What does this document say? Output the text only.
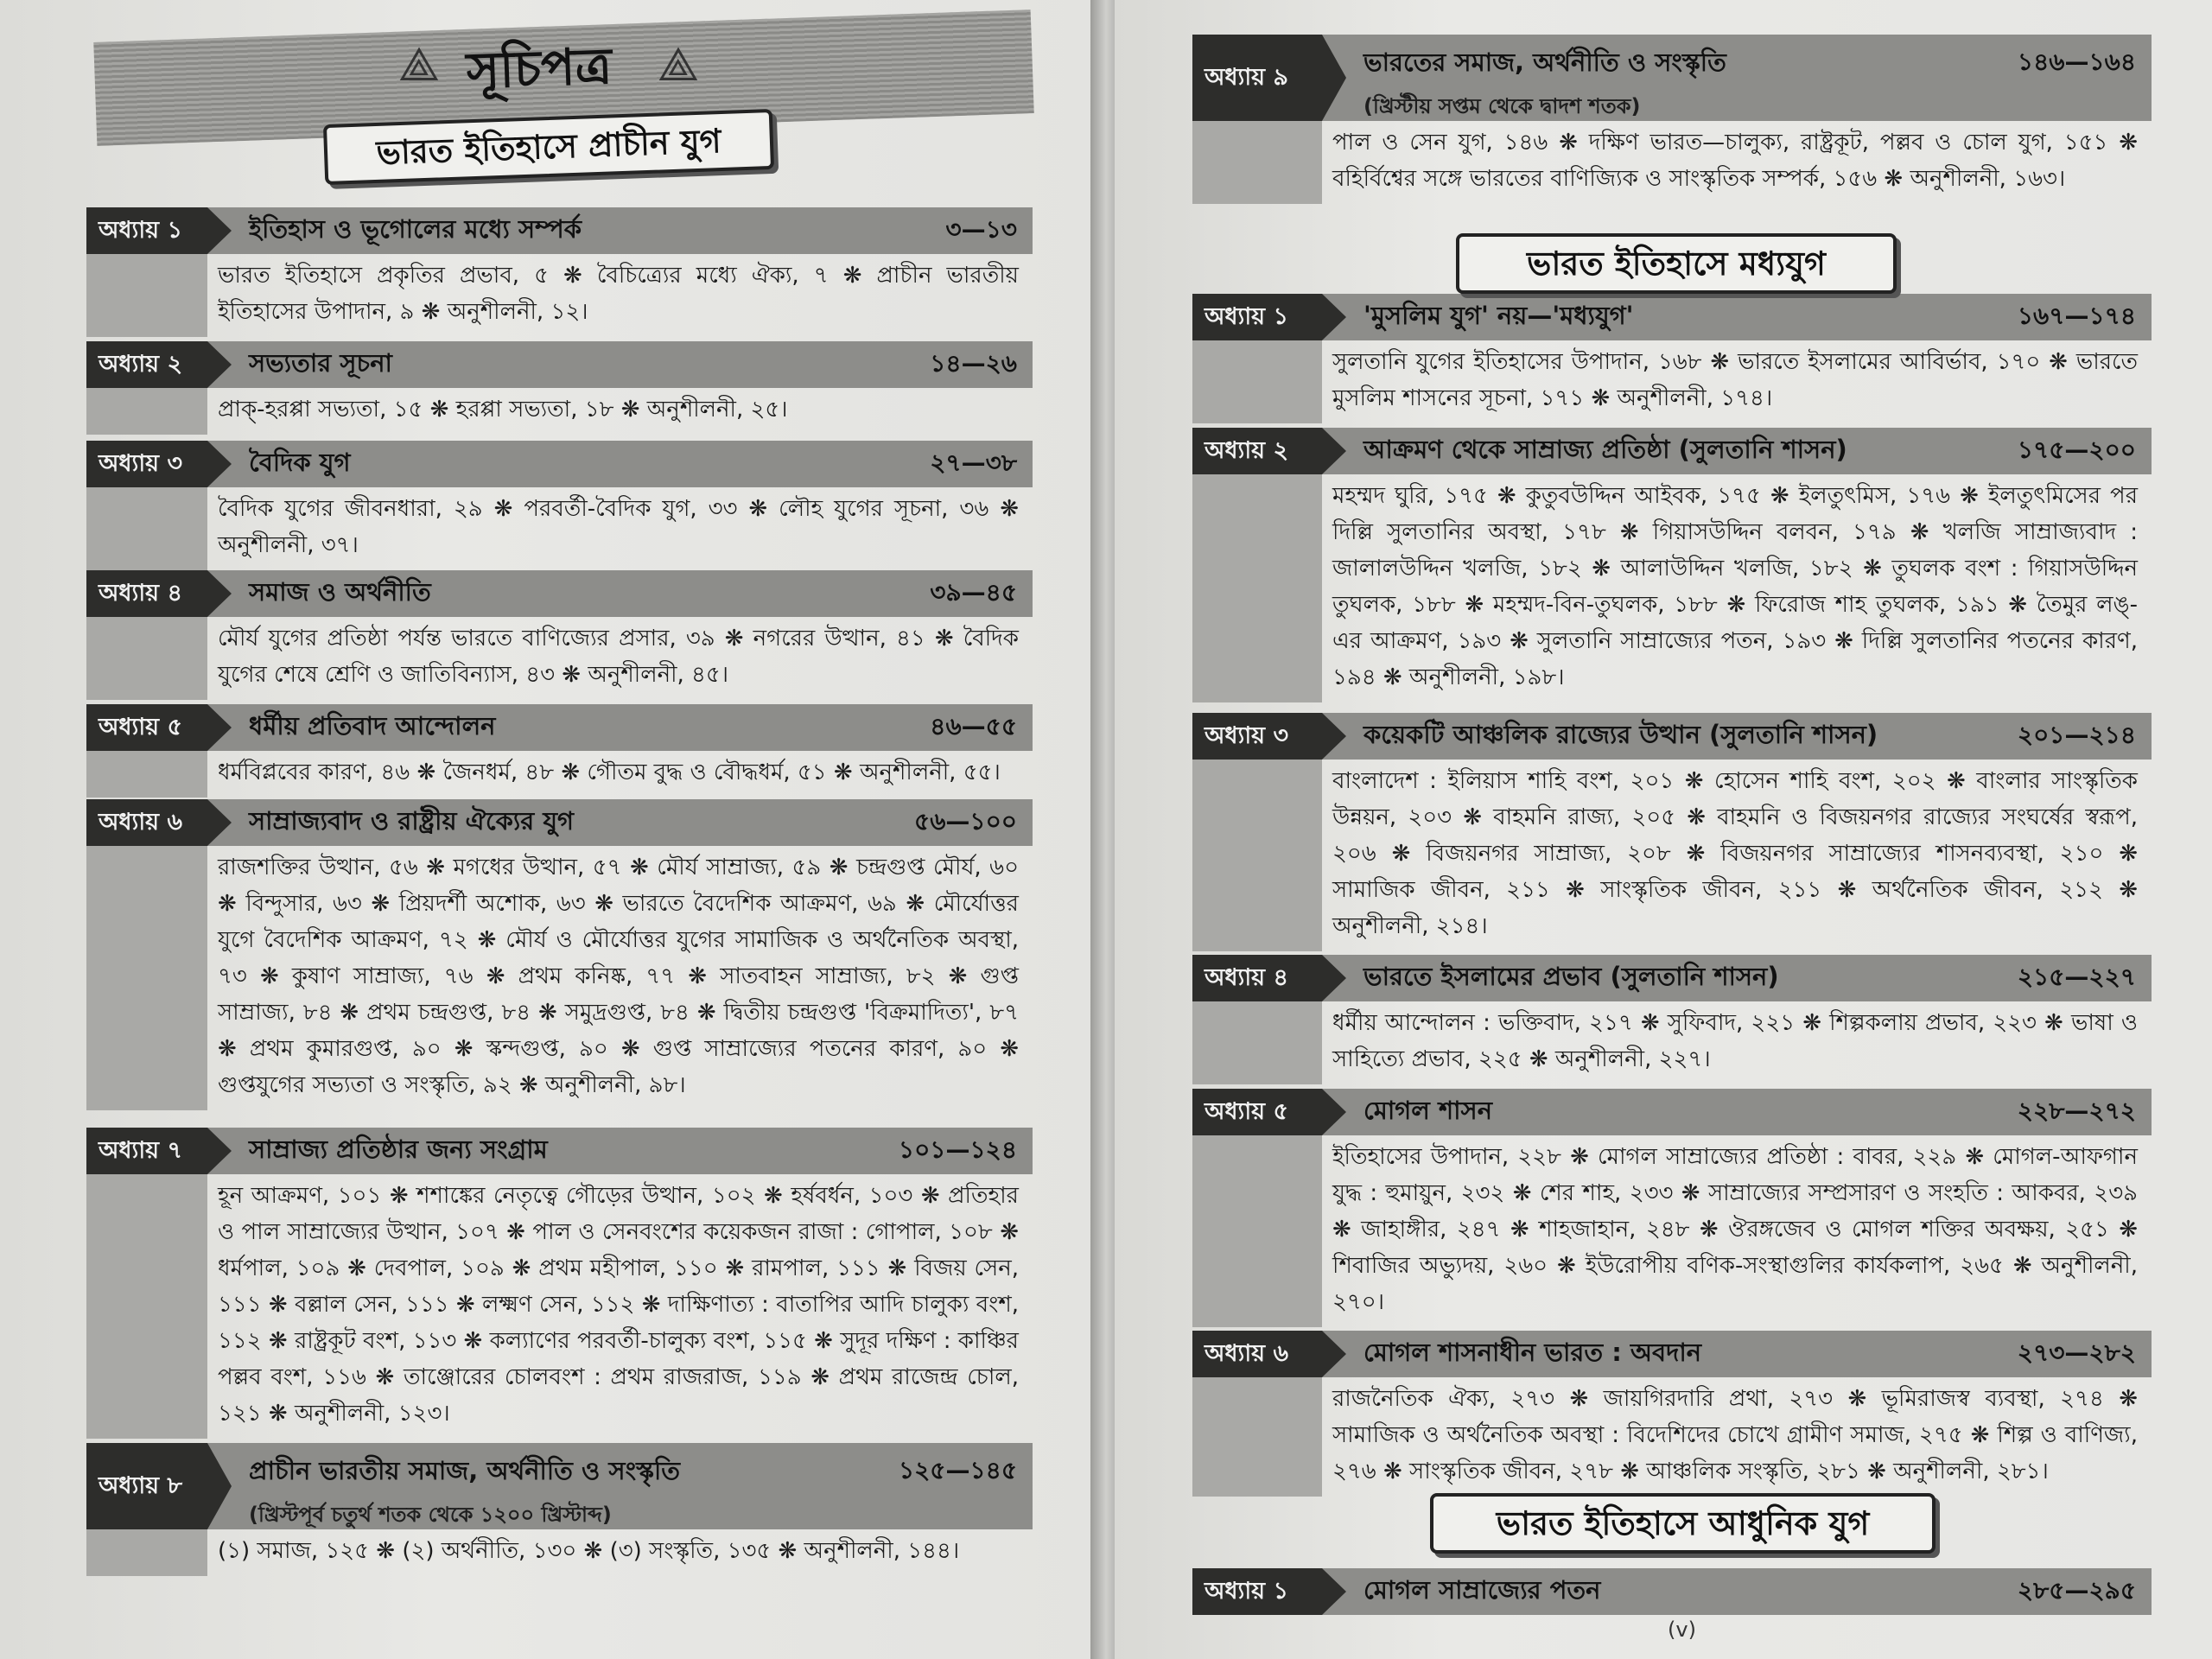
⟁	⟁
সূচিপত্র
ভারত ইতিহাসে প্রাচীন যুগ
অধ্যায় ১	ইতিহাস ও ভূগোলের মধ্যে সম্পর্ক	৩—১৩
ভারত ইতিহাসে প্রকৃতির প্রভাব, ৫ ❋ বৈচিত্র্যের মধ্যে ঐক্য, ৭ ❋ প্রাচীন ভারতীয় ইতিহাসের উপাদান, ৯ ❋ অনুশীলনী, ১২।
অধ্যায় ২	সভ্যতার সূচনা	১৪—২৬
প্রাক্-হরপ্পা সভ্যতা, ১৫ ❋ হরপ্পা সভ্যতা, ১৮ ❋ অনুশীলনী, ২৫।
অধ্যায় ৩	বৈদিক যুগ	২৭—৩৮
বৈদিক যুগের জীবনধারা, ২৯ ❋ পরবর্তী-বৈদিক যুগ, ৩৩ ❋ লৌহ যুগের সূচনা, ৩৬ ❋ অনুশীলনী, ৩৭।
অধ্যায় ৪	সমাজ ও অর্থনীতি	৩৯—৪৫
মৌর্য যুগের প্রতিষ্ঠা পর্যন্ত ভারতে বাণিজ্যের প্রসার, ৩৯ ❋ নগরের উত্থান, ৪১ ❋ বৈদিক যুগের শেষে শ্রেণি ও জাতিবিন্যাস, ৪৩ ❋ অনুশীলনী, ৪৫।
অধ্যায় ৫	ধর্মীয় প্রতিবাদ আন্দোলন	৪৬—৫৫
ধর্মবিপ্লবের কারণ, ৪৬ ❋ জৈনধর্ম, ৪৮ ❋ গৌতম বুদ্ধ ও বৌদ্ধধর্ম, ৫১ ❋ অনুশীলনী, ৫৫।
অধ্যায় ৬	সাম্রাজ্যবাদ ও রাষ্ট্রীয় ঐক্যের যুগ	৫৬—১০০
রাজশক্তির উত্থান, ৫৬ ❋ মগধের উত্থান, ৫৭ ❋ মৌর্য সাম্রাজ্য, ৫৯ ❋ চন্দ্রগুপ্ত মৌর্য, ৬০ ❋ বিন্দুসার, ৬৩ ❋ প্রিয়দর্শী অশোক, ৬৩ ❋ ভারতে বৈদেশিক আক্রমণ, ৬৯ ❋ মৌর্যোত্তর যুগে বৈদেশিক আক্রমণ, ৭২ ❋ মৌর্য ও মৌর্যোত্তর যুগের সামাজিক ও অর্থনৈতিক অবস্থা, ৭৩ ❋ কুষাণ সাম্রাজ্য, ৭৬ ❋ প্রথম কনিষ্ক, ৭৭ ❋ সাতবাহন সাম্রাজ্য, ৮২ ❋ গুপ্ত সাম্রাজ্য, ৮৪ ❋ প্রথম চন্দ্রগুপ্ত, ৮৪ ❋ সমুদ্রগুপ্ত, ৮৪ ❋ দ্বিতীয় চন্দ্রগুপ্ত 'বিক্রমাদিত্য', ৮৭ ❋ প্রথম কুমারগুপ্ত, ৯০ ❋ স্কন্দগুপ্ত, ৯০ ❋ গুপ্ত সাম্রাজ্যের পতনের কারণ, ৯০ ❋ গুপ্তযুগের সভ্যতা ও সংস্কৃতি, ৯২ ❋ অনুশীলনী, ৯৮।
অধ্যায় ৭	সাম্রাজ্য প্রতিষ্ঠার জন্য সংগ্রাম	১০১—১২৪
হূন আক্রমণ, ১০১ ❋ শশাঙ্কের নেতৃত্বে গৌড়ের উত্থান, ১০২ ❋ হর্ষবর্ধন, ১০৩ ❋ প্রতিহার ও পাল সাম্রাজ্যের উত্থান, ১০৭ ❋ পাল ও সেনবংশের কয়েকজন রাজা : গোপাল, ১০৮ ❋ ধর্মপাল, ১০৯ ❋ দেবপাল, ১০৯ ❋ প্রথম মহীপাল, ১১০ ❋ রামপাল, ১১১ ❋ বিজয় সেন, ১১১ ❋ বল্লাল সেন, ১১১ ❋ লক্ষ্মণ সেন, ১১২ ❋ দাক্ষিণাত্য : বাতাপির আদি চালুক্য বংশ, ১১২ ❋ রাষ্ট্রকূট বংশ, ১১৩ ❋ কল্যাণের পরবর্তী-চালুক্য বংশ, ১১৫ ❋ সুদূর দক্ষিণ : কাঞ্চির পল্লব বংশ, ১১৬ ❋ তাঞ্জোরের চোলবংশ : প্রথম রাজরাজ, ১১৯ ❋ প্রথম রাজেন্দ্র চোল, ১২১ ❋ অনুশীলনী, ১২৩।
অধ্যায় ৮
প্রাচীন ভারতীয় সমাজ, অর্থনীতি ও সংস্কৃতি
(খ্রিস্টপূর্ব চতুর্থ শতক থেকে ১২০০ খ্রিস্টাব্দ)
১২৫—১৪৫
(১) সমাজ, ১২৫ ❋ (২) অর্থনীতি, ১৩০ ❋ (৩) সংস্কৃতি, ১৩৫ ❋ অনুশীলনী, ১৪৪।
অধ্যায় ৯
ভারতের সমাজ, অর্থনীতি ও সংস্কৃতি
(খ্রিস্টীয় সপ্তম থেকে দ্বাদশ শতক)
১৪৬—১৬৪
পাল ও সেন যুগ, ১৪৬ ❋ দক্ষিণ ভারত—চালুক্য, রাষ্ট্রকূট, পল্লব ও চোল যুগ, ১৫১ ❋ বহির্বিশ্বের সঙ্গে ভারতের বাণিজ্যিক ও সাংস্কৃতিক সম্পর্ক, ১৫৬ ❋ অনুশীলনী, ১৬৩।
অধ্যায় ১	'মুসলিম যুগ' নয়—'মধ্যযুগ'	১৬৭—১৭৪
সুলতানি যুগের ইতিহাসের উপাদান, ১৬৮ ❋ ভারতে ইসলামের আবির্ভাব, ১৭০ ❋ ভারতে মুসলিম শাসনের সূচনা, ১৭১ ❋ অনুশীলনী, ১৭৪।
অধ্যায় ২	আক্রমণ থেকে সাম্রাজ্য প্রতিষ্ঠা (সুলতানি শাসন)	১৭৫—২০০
মহম্মদ ঘুরি, ১৭৫ ❋ কুতুবউদ্দিন আইবক, ১৭৫ ❋ ইলতুৎমিস, ১৭৬ ❋ ইলতুৎমিসের পর দিল্লি সুলতানির অবস্থা, ১৭৮ ❋ গিয়াসউদ্দিন বলবন, ১৭৯ ❋ খলজি সাম্রাজ্যবাদ : জালালউদ্দিন খলজি, ১৮২ ❋ আলাউদ্দিন খলজি, ১৮২ ❋ তুঘলক বংশ : গিয়াসউদ্দিন তুঘলক, ১৮৮ ❋ মহম্মদ-বিন-তুঘলক, ১৮৮ ❋ ফিরোজ শাহ তুঘলক, ১৯১ ❋ তৈমুর লঙ্-এর আক্রমণ, ১৯৩ ❋ সুলতানি সাম্রাজ্যের পতন, ১৯৩ ❋ দিল্লি সুলতানির পতনের কারণ, ১৯৪ ❋ অনুশীলনী, ১৯৮।
অধ্যায় ৩	কয়েকটি আঞ্চলিক রাজ্যের উত্থান (সুলতানি শাসন)	২০১—২১৪
বাংলাদেশ : ইলিয়াস শাহি বংশ, ২০১ ❋ হোসেন শাহি বংশ, ২০২ ❋ বাংলার সাংস্কৃতিক উন্নয়ন, ২০৩ ❋ বাহমনি রাজ্য, ২০৫ ❋ বাহমনি ও বিজয়নগর রাজ্যের সংঘর্ষের স্বরূপ, ২০৬ ❋ বিজয়নগর সাম্রাজ্য, ২০৮ ❋ বিজয়নগর সাম্রাজ্যের শাসনব্যবস্থা, ২১০ ❋ সামাজিক জীবন, ২১১ ❋ সাংস্কৃতিক জীবন, ২১১ ❋ অর্থনৈতিক জীবন, ২১২ ❋ অনুশীলনী, ২১৪।
অধ্যায় ৪	ভারতে ইসলামের প্রভাব (সুলতানি শাসন)	২১৫—২২৭
ধর্মীয় আন্দোলন : ভক্তিবাদ, ২১৭ ❋ সুফিবাদ, ২২১ ❋ শিল্পকলায় প্রভাব, ২২৩ ❋ ভাষা ও সাহিত্যে প্রভাব, ২২৫ ❋ অনুশীলনী, ২২৭।
অধ্যায় ৫	মোগল শাসন	২২৮—২৭২
ইতিহাসের উপাদান, ২২৮ ❋ মোগল সাম্রাজ্যের প্রতিষ্ঠা : বাবর, ২২৯ ❋ মোগল-আফগান যুদ্ধ : হুমায়ুন, ২৩২ ❋ শের শাহ, ২৩৩ ❋ সাম্রাজ্যের সম্প্রসারণ ও সংহতি : আকবর, ২৩৯ ❋ জাহাঙ্গীর, ২৪৭ ❋ শাহজাহান, ২৪৮ ❋ ঔরঙ্গজেব ও মোগল শক্তির অবক্ষয়, ২৫১ ❋ শিবাজির অভ্যুদয়, ২৬০ ❋ ইউরোপীয় বণিক-সংস্থাগুলির কার্যকলাপ, ২৬৫ ❋ অনুশীলনী, ২৭০।
অধ্যায় ৬	মোগল শাসনাধীন ভারত : অবদান	২৭৩—২৮২
রাজনৈতিক ঐক্য, ২৭৩ ❋ জায়গিরদারি প্রথা, ২৭৩ ❋ ভূমিরাজস্ব ব্যবস্থা, ২৭৪ ❋ সামাজিক ও অর্থনৈতিক অবস্থা : বিদেশিদের চোখে গ্রামীণ সমাজ, ২৭৫ ❋ শিল্প ও বাণিজ্য, ২৭৬ ❋ সাংস্কৃতিক জীবন, ২৭৮ ❋ আঞ্চলিক সংস্কৃতি, ২৮১ ❋ অনুশীলনী, ২৮১।
অধ্যায় ১	মোগল সাম্রাজ্যের পতন	২৮৫—২৯৫
ভারত ইতিহাসে মধ্যযুগ
ভারত ইতিহাসে আধুনিক যুগ
(v)
